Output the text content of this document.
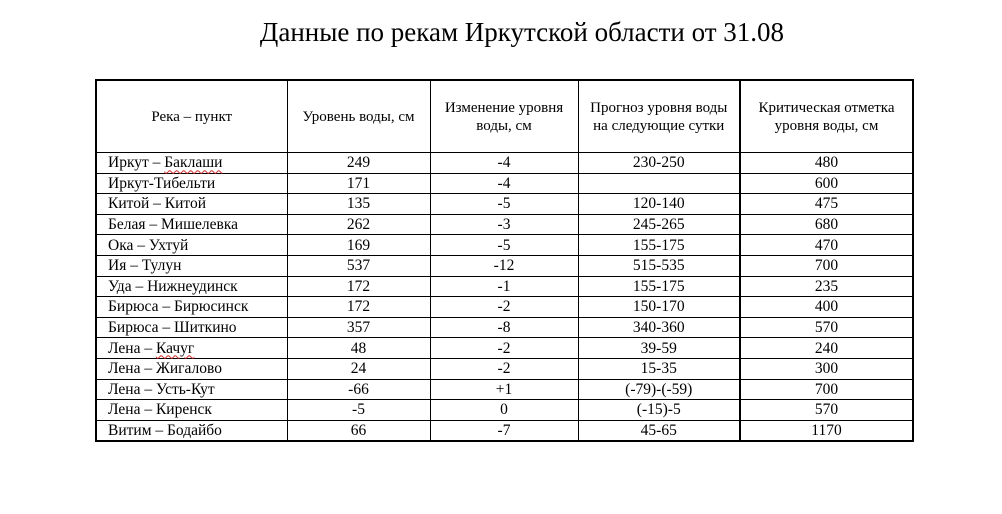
Данные по рекам Иркутской области от 31.08
Река – пункт	Уровень воды, см	Изменение уровня воды, см	Прогноз уровня воды на следующие сутки	Критическая отметка уровня воды, см
Иркут – Баклаши	249	-4	230-250	480
Иркут-Тибельти	171	-4		600
Китой – Китой	135	-5	120-140	475
Белая – Мишелевка	262	-3	245-265	680
Ока – Ухтуй	169	-5	155-175	470
Ия – Тулун	537	-12	515-535	700
Уда – Нижнеудинск	172	-1	155-175	235
Бирюса – Бирюсинск	172	-2	150-170	400
Бирюса – Шиткино	357	-8	340-360	570
Лена – Качуг	48	-2	39-59	240
Лена – Жигалово	24	-2	15-35	300
Лена – Усть-Кут	-66	+1	(-79)-(-59)	700
Лена – Киренск	-5	0	(-15)-5	570
Витим – Бодайбо	66	-7	45-65	1170
